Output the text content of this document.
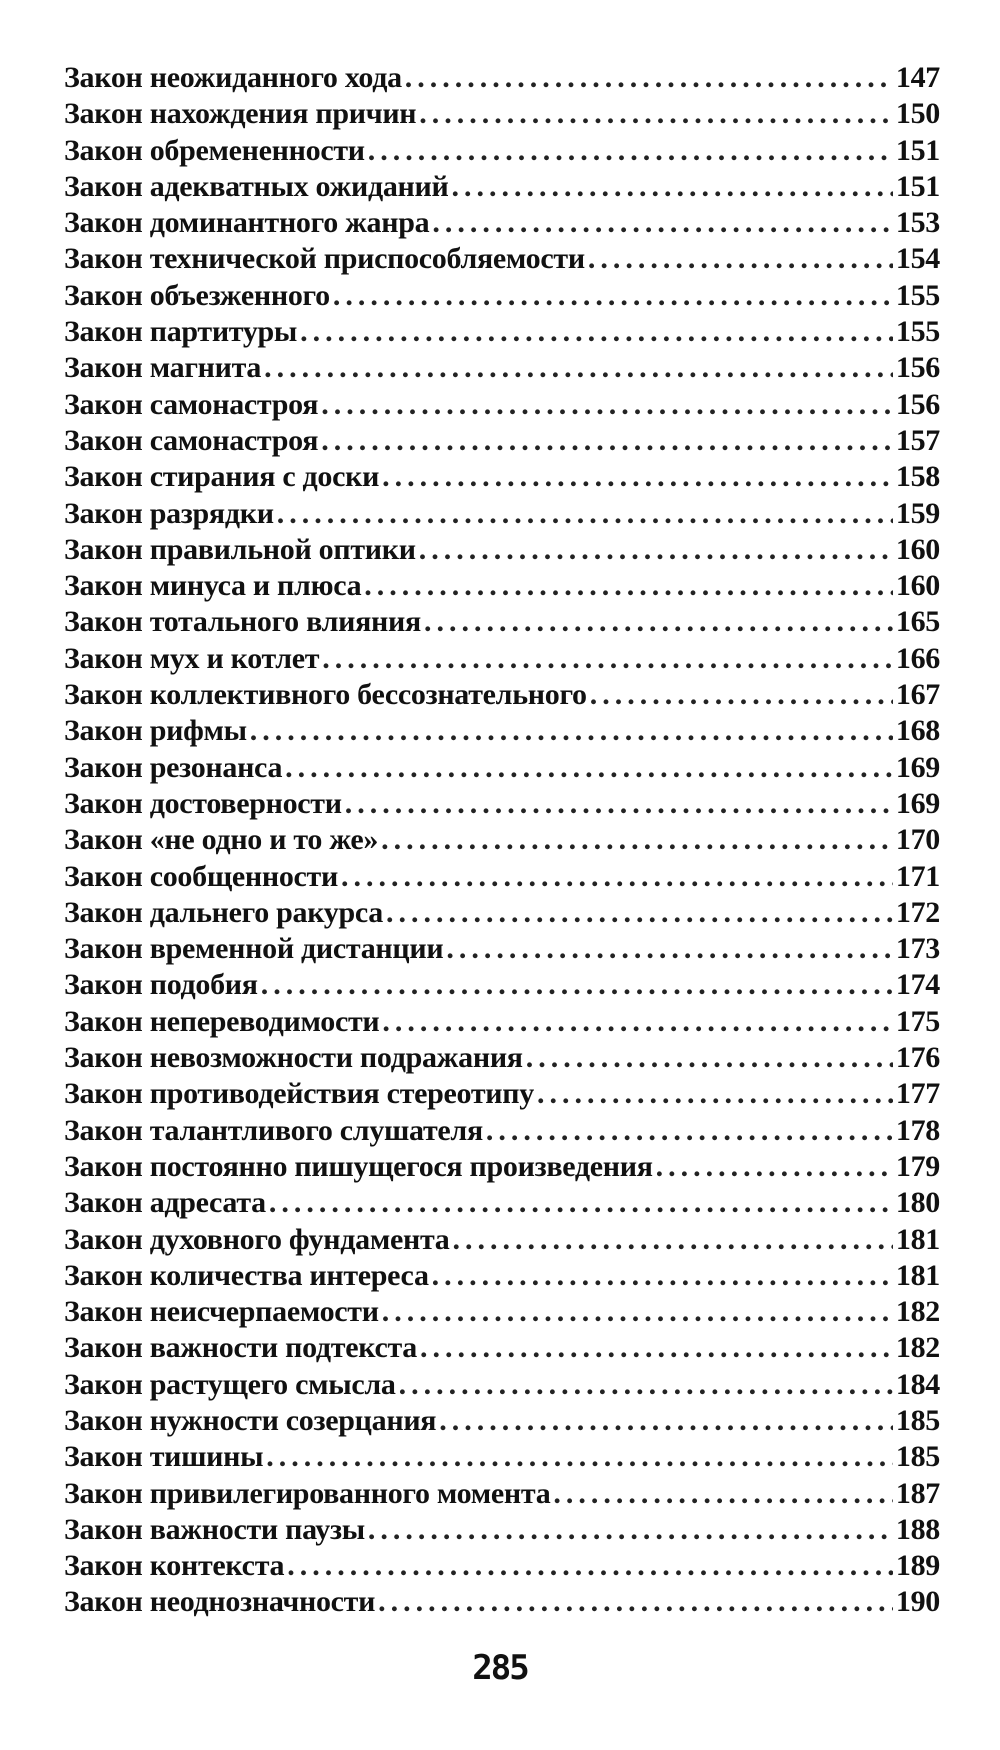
Закон неожиданного хода .....	147
Закон нахождения причин .....	150
Закон обремененности .....	151
Закон адекватных ожиданий .....	151
Закон доминантного жанра .....	153
Закон технической приспособляемости .....	154
Закон объезженного .....	155
Закон партитуры .....	155
Закон магнита .....	156
Закон самонастроя .....	156
Закон самонастроя .....	157
Закон стирания с доски .....	158
Закон разрядки .....	159
Закон правильной оптики .....	160
Закон минуса и плюса .....	160
Закон тотального влияния .....	165
Закон мух и котлет .....	166
Закон коллективного бессознательного .....	167
Закон рифмы .....	168
Закон резонанса .....	169
Закон достоверности .....	169
Закон «не одно и то же» .....	170
Закон сообщенности .....	171
Закон дальнего ракурса .....	172
Закон временной дистанции .....	173
Закон подобия .....	174
Закон непереводимости .....	175
Закон невозможности подражания .....	176
Закон противодействия стереотипу .....	177
Закон талантливого слушателя .....	178
Закон постоянно пишущегося произведения .....	179
Закон адресата .....	180
Закон духовного фундамента .....	181
Закон количества интереса .....	181
Закон неисчерпаемости .....	182
Закон важности подтекста .....	182
Закон растущего смысла .....	184
Закон нужности созерцания .....	185
Закон тишины .....	185
Закон привилегированного момента .....	187
Закон важности паузы .....	188
Закон контекста .....	189
Закон неоднозначности .....	190
285
